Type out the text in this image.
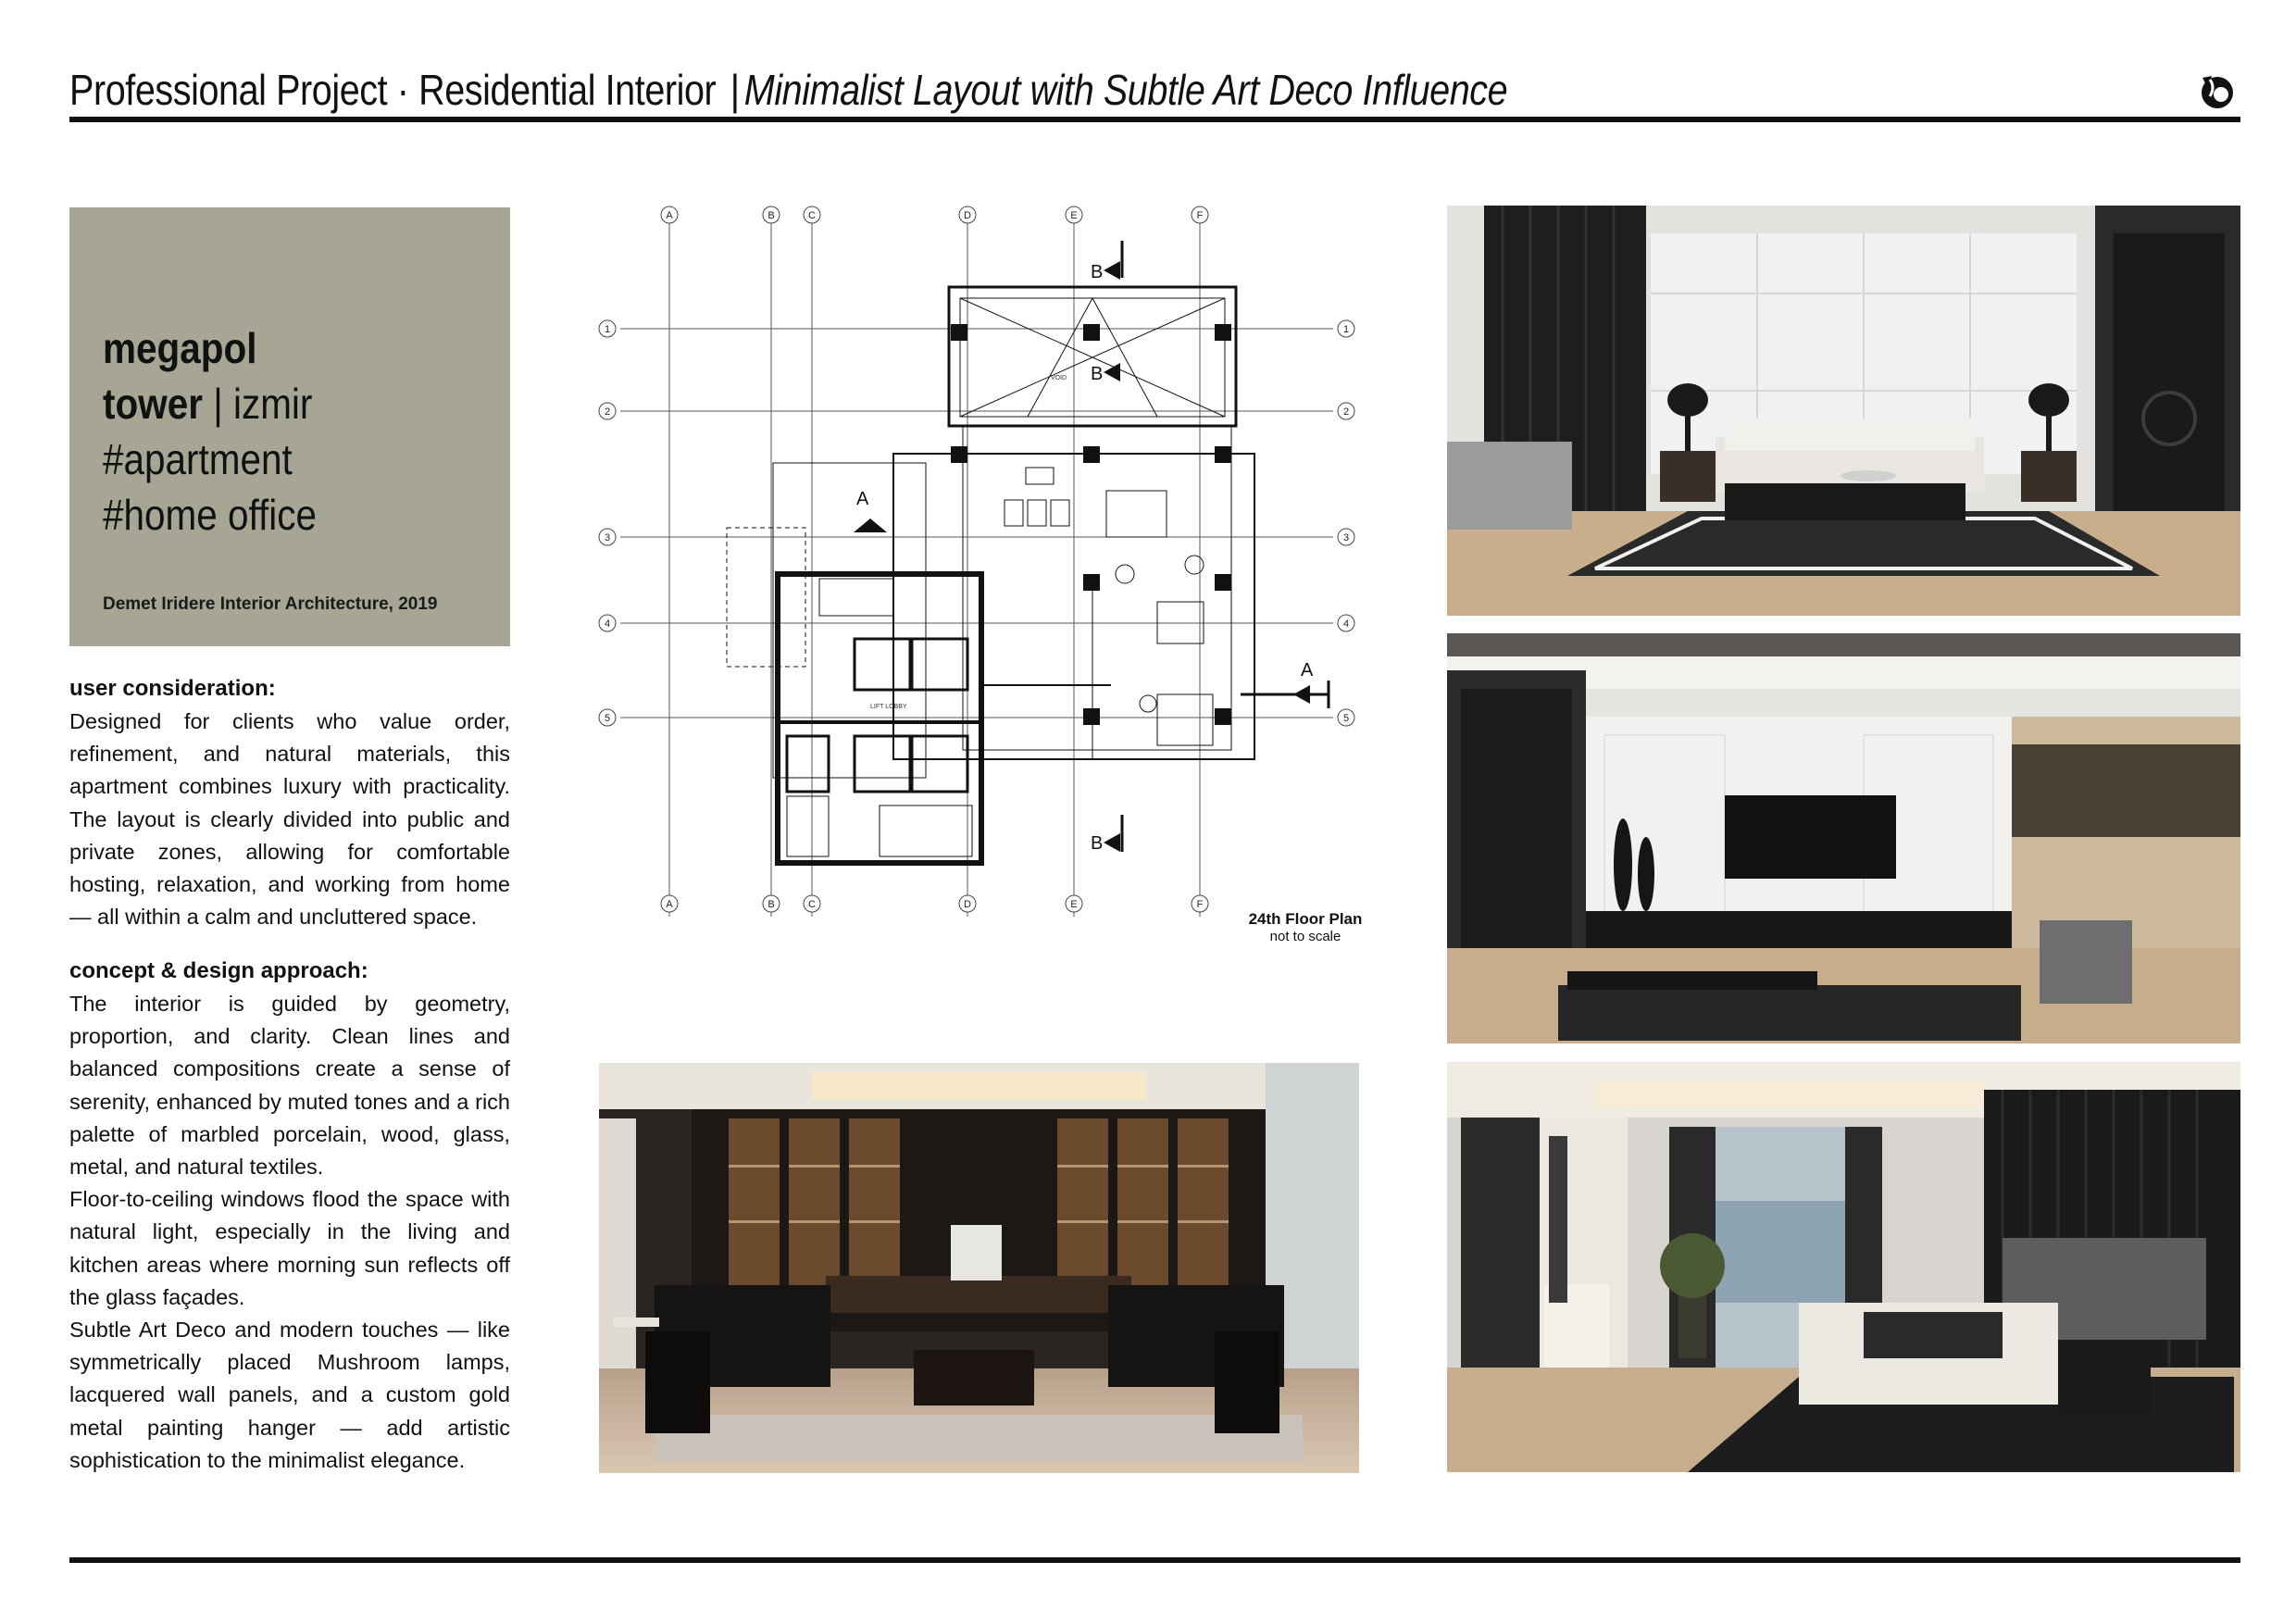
Professional Project · Residential Interior | Minimalist Layout with Subtle Art Deco Influence
megapol
tower | izmir
#apartment
#home office
Demet Iridere Interior Architecture, 2019
user consideration:
Designed for clients who value order, refinement, and natural materials, this apartment combines luxury with practicality. The layout is clearly divided into public and private zones, allowing for comfortable hosting, relaxation, and working from home — all within a calm and uncluttered space.
concept & design approach:
The interior is guided by geometry, proportion, and clarity. Clean lines and balanced compositions create a sense of serenity, enhanced by muted tones and a rich palette of marbled porcelain, wood, glass, metal, and natural textiles.
Floor-to-ceiling windows flood the space with natural light, especially in the living and kitchen areas where morning sun reflects off the glass façades.
Subtle Art Deco and modern touches — like symmetrically placed Mushroom lamps, lacquered wall panels, and a custom gold metal painting hanger — add artistic sophistication to the minimalist elegance.
A
A
B
B
C
C
D
D
E
E
F
F
1	1
2	2
3	3
4	4
5	5
A
A
B
B
B
VOID
LIFT LOBBY
24th Floor Plan
not to scale
